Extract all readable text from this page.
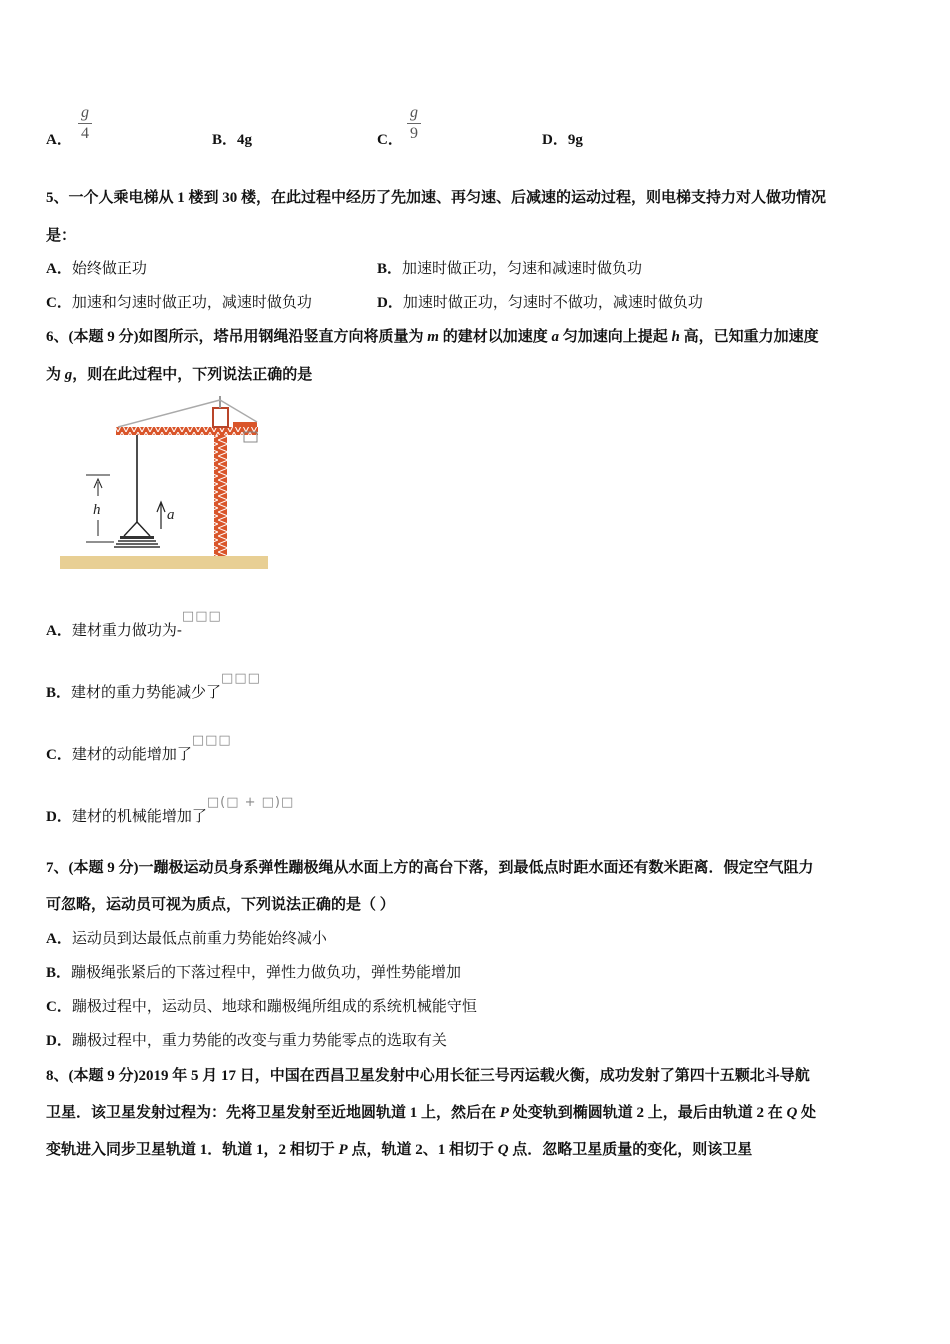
A．
g
4	B．4g	C．
g
9	D．9g
5、一个人乘电梯从 1 楼到 30 楼，在此过程中经历了先加速、再匀速、后减速的运动过程，则电梯支持力对人做功情况
是：
A．始终做正功	B．加速时做正功，匀速和减速时做负功
C．加速和匀速时做正功，减速时做负功	D．加速时做正功，匀速时不做功，减速时做负功
6、(本题 9 分)如图所示，塔吊用钢绳沿竖直方向将质量为 m 的建材以加速度 a 匀加速向上提起 h 高，已知重力加速度
为 g，则在此过程中，下列说法正确的是
h	a
A．建材重力做功为-□□□
B．建材的重力势能减少了□□□
C．建材的动能增加了□□□
D．建材的机械能增加了□(□ + □)□
7、(本题 9 分)一蹦极运动员身系弹性蹦极绳从水面上方的高台下落，到最低点时距水面还有数米距离．假定空气阻力
可忽略，运动员可视为质点，下列说法正确的是（ ）
A．运动员到达最低点前重力势能始终减小
B．蹦极绳张紧后的下落过程中，弹性力做负功，弹性势能增加
C．蹦极过程中，运动员、地球和蹦极绳所组成的系统机械能守恒
D．蹦极过程中，重力势能的改变与重力势能零点的选取有关
8、(本题 9 分)2019 年 5 月 17 日，中国在西昌卫星发射中心用长征三号丙运载火衡，成功发射了第四十五颗北斗导航
卫星．该卫星发射过程为：先将卫星发射至近地圆轨道 1 上，然后在 P 处变轨到椭圆轨道 2 上，最后由轨道 2 在 Q 处
变轨进入同步卫星轨道 1．轨道 1，2 相切于 P 点，轨道 2、1 相切于 Q 点．忽略卫星质量的变化，则该卫星
